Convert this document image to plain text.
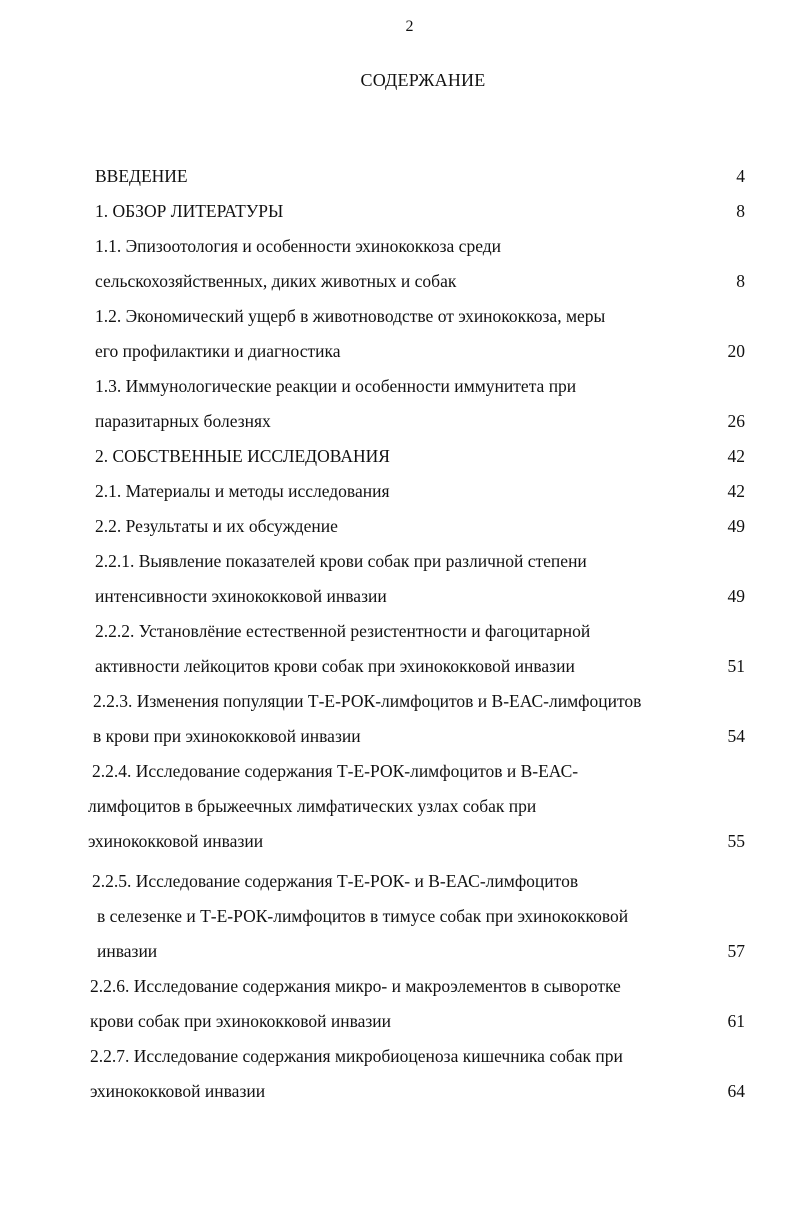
2
СОДЕРЖАНИЕ
ВВЕДЕНИЕ	4
1. ОБЗОР ЛИТЕРАТУРЫ	8
1.1. Эпизоотология и особенности эхинококкоза среди
сельскохозяйственных, диких животных и собак	8
1.2. Экономический ущерб в животноводстве от эхинококкоза, меры
его профилактики и диагностика	20
1.3. Иммунологические реакции и особенности иммунитета при
паразитарных болезнях	26
2. СОБСТВЕННЫЕ ИССЛЕДОВАНИЯ	42
2.1. Материалы и методы исследования	42
2.2. Результаты и их обсуждение	49
2.2.1. Выявление показателей крови собак при различной степени
интенсивности эхинококковой инвазии	49
2.2.2. Установлёние естественной резистентности и фагоцитарной
активности лейкоцитов крови собак при эхинококковой инвазии	51
2.2.3. Изменения популяции Т-Е-РОК-лимфоцитов и В-ЕАС-лимфоцитов
в крови при эхинококковой инвазии	54
2.2.4. Исследование содержания Т-Е-РОК-лимфоцитов и В-ЕАС-
лимфоцитов в брыжеечных лимфатических узлах собак при
эхинококковой инвазии	55
2.2.5. Исследование содержания Т-Е-РОК- и В-ЕАС-лимфоцитов
в селезенке и Т-Е-РОК-лимфоцитов в тимусе собак при эхинококковой
инвазии	57
2.2.6. Исследование содержания микро- и макроэлементов в сыворотке
крови собак при эхинококковой инвазии	61
2.2.7. Исследование содержания микробиоценоза кишечника собак при
эхинококковой инвазии	64
